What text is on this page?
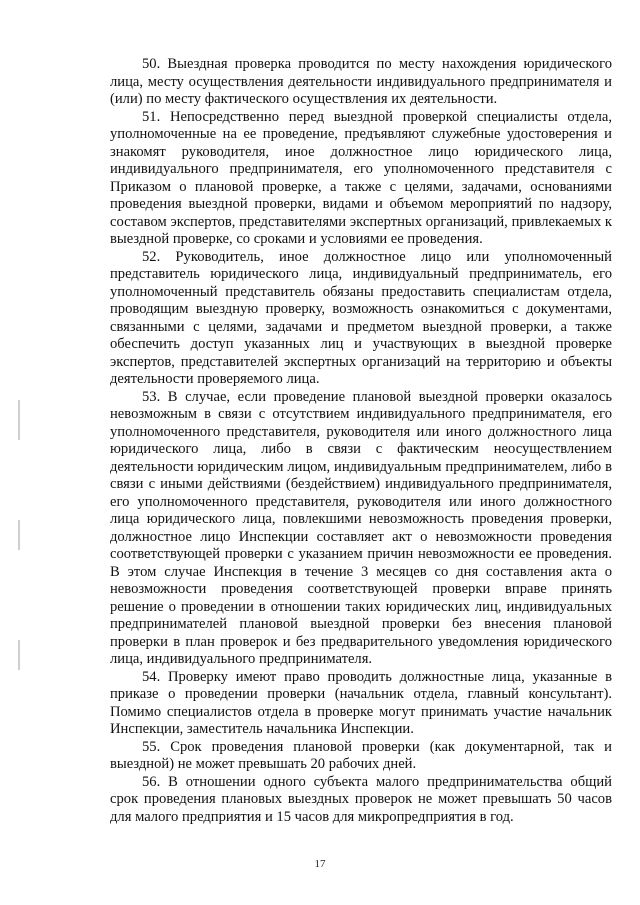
50. Выездная проверка проводится по месту нахождения юридического лица, месту осуществления деятельности индивидуального предпринимателя и (или) по месту фактического осуществления их деятельности.

51. Непосредственно перед выездной проверкой специалисты отдела, уполномоченные на ее проведение, предъявляют служебные удостоверения и знакомят руководителя, иное должностное лицо юридического лица, индивидуального предпринимателя, его уполномоченного представителя с Приказом о плановой проверке, а также с целями, задачами, основаниями проведения выездной проверки, видами и объемом мероприятий по надзору, составом экспертов, представителями экспертных организаций, привлекаемых к выездной проверке, со сроками и условиями ее проведения.

52. Руководитель, иное должностное лицо или уполномоченный представитель юридического лица, индивидуальный предприниматель, его уполномоченный представитель обязаны предоставить специалистам отдела, проводящим выездную проверку, возможность ознакомиться с документами, связанными с целями, задачами и предметом выездной проверки, а также обеспечить доступ указанных лиц и участвующих в выездной проверке экспертов, представителей экспертных организаций на территорию и объекты деятельности проверяемого лица.

53. В случае, если проведение плановой выездной проверки оказалось невозможным в связи с отсутствием индивидуального предпринимателя, его уполномоченного представителя, руководителя или иного должностного лица юридического лица, либо в связи с фактическим неосуществлением деятельности юридическим лицом, индивидуальным предпринимателем, либо в связи с иными действиями (бездействием) индивидуального предпринимателя, его уполномоченного представителя, руководителя или иного должностного лица юридического лица, повлекшими невозможность проведения проверки, должностное лицо Инспекции составляет акт о невозможности проведения соответствующей проверки с указанием причин невозможности ее проведения. В этом случае Инспекция в течение 3 месяцев со дня составления акта о невозможности проведения соответствующей проверки вправе принять решение о проведении в отношении таких юридических лиц, индивидуальных предпринимателей плановой выездной проверки без внесения плановой проверки в план проверок и без предварительного уведомления юридического лица, индивидуального предпринимателя.

54. Проверку имеют право проводить должностные лица, указанные в приказе о проведении проверки (начальник отдела, главный консультант). Помимо специалистов отдела в проверке могут принимать участие начальник Инспекции, заместитель начальника Инспекции.

55. Срок проведения плановой проверки (как документарной, так и выездной) не может превышать 20 рабочих дней.

56. В отношении одного субъекта малого предпринимательства общий срок проведения плановых выездных проверок не может превышать 50 часов для малого предприятия и 15 часов для микропредприятия в год.

17
